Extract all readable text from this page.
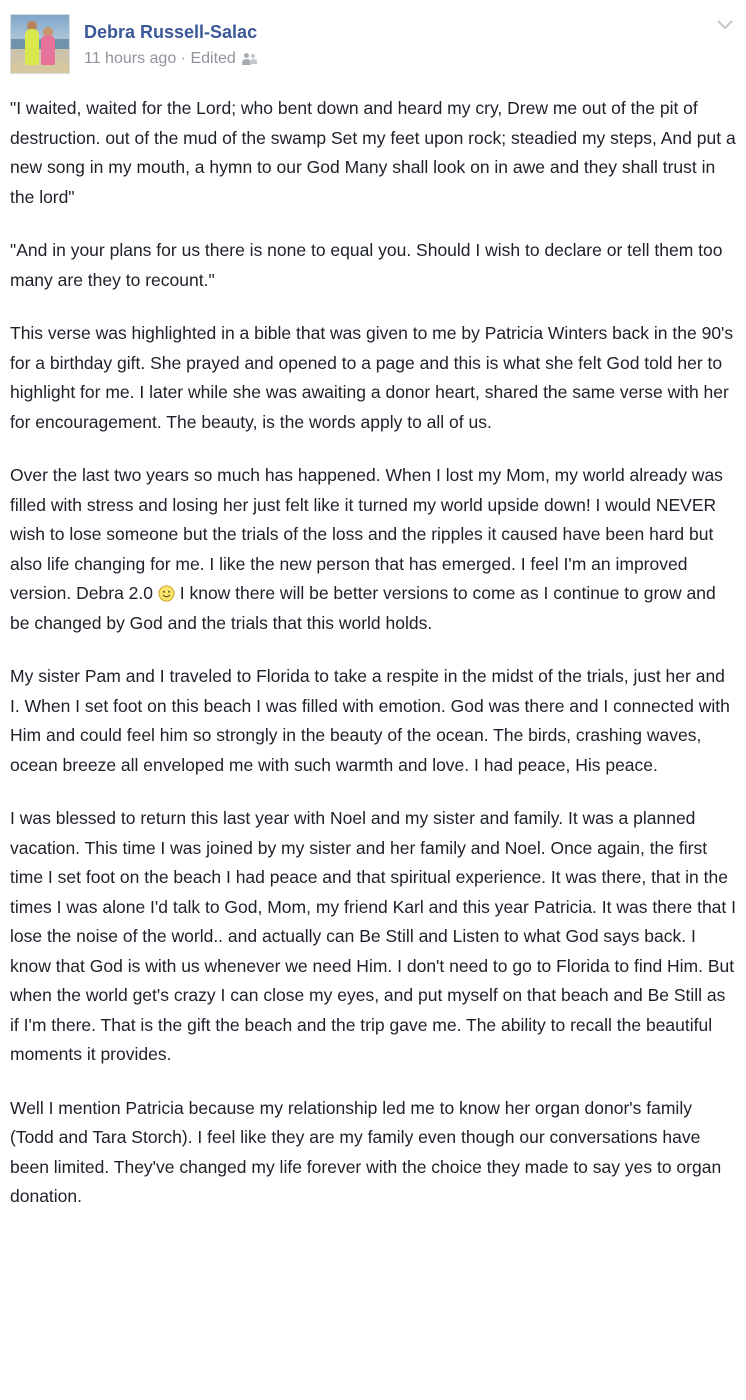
Debra Russell-Salac
11 hours ago · Edited

"I waited, waited for the Lord; who bent down and heard my cry, Drew me out of the pit of destruction. out of the mud of the swamp Set my feet upon rock; steadied my steps, And put a new song in my mouth, a hymn to our God Many shall look on in awe and they shall trust in the lord"

"And in your plans for us there is none to equal you. Should I wish to declare or tell them too many are they to recount."

This verse was highlighted in a bible that was given to me by Patricia Winters back in the 90's for a birthday gift. She prayed and opened to a page and this is what she felt God told her to highlight for me. I later while she was awaiting a donor heart, shared the same verse with her for encouragement. The beauty, is the words apply to all of us.

Over the last two years so much has happened. When I lost my Mom, my world already was filled with stress and losing her just felt like it turned my world upside down! I would NEVER wish to lose someone but the trials of the loss and the ripples it caused have been hard but also life changing for me. I like the new person that has emerged. I feel I'm an improved version. Debra 2.0  I know there will be better versions to come as I continue to grow and be changed by God and the trials that this world holds.

My sister Pam and I traveled to Florida to take a respite in the midst of the trials, just her and I. When I set foot on this beach I was filled with emotion. God was there and I connected with Him and could feel him so strongly in the beauty of the ocean. The birds, crashing waves, ocean breeze all enveloped me with such warmth and love. I had peace, His peace.

I was blessed to return this last year with Noel and my sister and family. It was a planned vacation. This time I was joined by my sister and her family and Noel. Once again, the first time I set foot on the beach I had peace and that spiritual experience. It was there, that in the times I was alone I'd talk to God, Mom, my friend Karl and this year Patricia. It was there that I lose the noise of the world.. and actually can Be Still and Listen to what God says back. I know that God is with us whenever we need Him. I don't need to go to Florida to find Him. But when the world get's crazy I can close my eyes, and put myself on that beach and Be Still as if I'm there. That is the gift the beach and the trip gave me. The ability to recall the beautiful moments it provides.

Well I mention Patricia because my relationship led me to know her organ donor's family (Todd and Tara Storch). I feel like they are my family even though our conversations have been limited. They've changed my life forever with the choice they made to say yes to organ donation.
